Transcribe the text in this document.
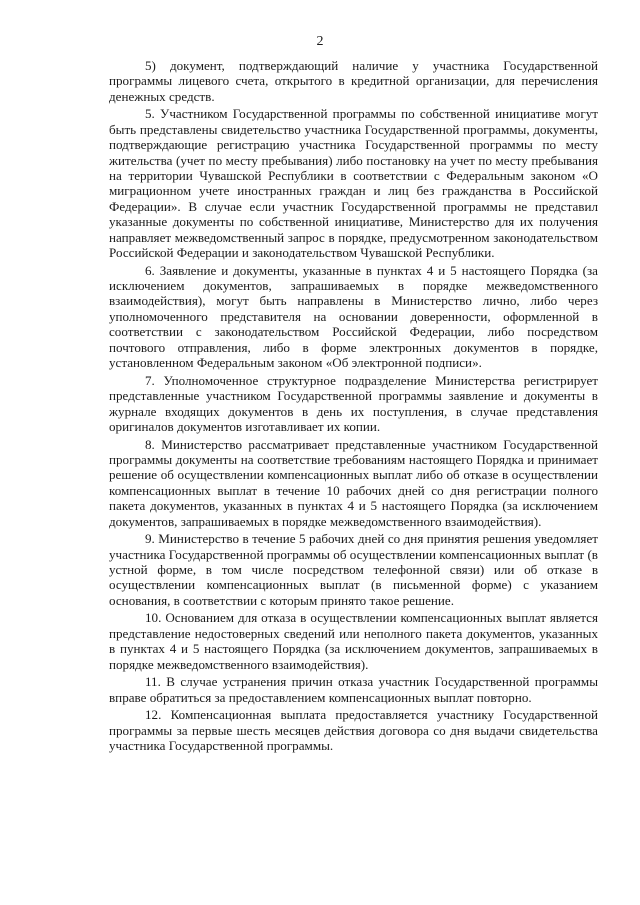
2

5) документ, подтверждающий наличие у участника Государственной программы лицевого счета, открытого в кредитной организации, для перечисления денежных средств.

5. Участником Государственной программы по собственной инициативе могут быть представлены свидетельство участника Государственной программы, документы, подтверждающие регистрацию участника Государственной программы по месту жительства (учет по месту пребывания) либо постановку на учет по месту пребывания на территории Чувашской Республики в соответствии с Федеральным законом «О миграционном учете иностранных граждан и лиц без гражданства в Российской Федерации». В случае если участник Государственной программы не представил указанные документы по собственной инициативе, Министерство для их получения направляет межведомственный запрос в порядке, предусмотренном законодательством Российской Федерации и законодательством Чувашской Республики.

6. Заявление и документы, указанные в пунктах 4 и 5 настоящего Порядка (за исключением документов, запрашиваемых в порядке межведомственного взаимодействия), могут быть направлены в Министерство лично, либо через уполномоченного представителя на основании доверенности, оформленной в соответствии с законодательством Российской Федерации, либо посредством почтового отправления, либо в форме электронных документов в порядке, установленном Федеральным законом «Об электронной подписи».

7. Уполномоченное структурное подразделение Министерства регистрирует представленные участником Государственной программы заявление и документы в журнале входящих документов в день их поступления, в случае представления оригиналов документов изготавливает их копии.

8. Министерство рассматривает представленные участником Государственной программы документы на соответствие требованиям настоящего Порядка и принимает решение об осуществлении компенсационных выплат либо об отказе в осуществлении компенсационных выплат в течение 10 рабочих дней со дня регистрации полного пакета документов, указанных в пунктах 4 и 5 настоящего Порядка (за исключением документов, запрашиваемых в порядке межведомственного взаимодействия).

9. Министерство в течение 5 рабочих дней со дня принятия решения уведомляет участника Государственной программы об осуществлении компенсационных выплат (в устной форме, в том числе посредством телефонной связи) или об отказе в осуществлении компенсационных выплат (в письменной форме) с указанием основания, в соответствии с которым принято такое решение.

10. Основанием для отказа в осуществлении компенсационных выплат является представление недостоверных сведений или неполного пакета документов, указанных в пунктах 4 и 5 настоящего Порядка (за исключением документов, запрашиваемых в порядке межведомственного взаимодействия).

11. В случае устранения причин отказа участник Государственной программы вправе обратиться за предоставлением компенсационных выплат повторно.

12. Компенсационная выплата предоставляется участнику Государственной программы за первые шесть месяцев действия договора со дня выдачи свидетельства участника Государственной программы.
